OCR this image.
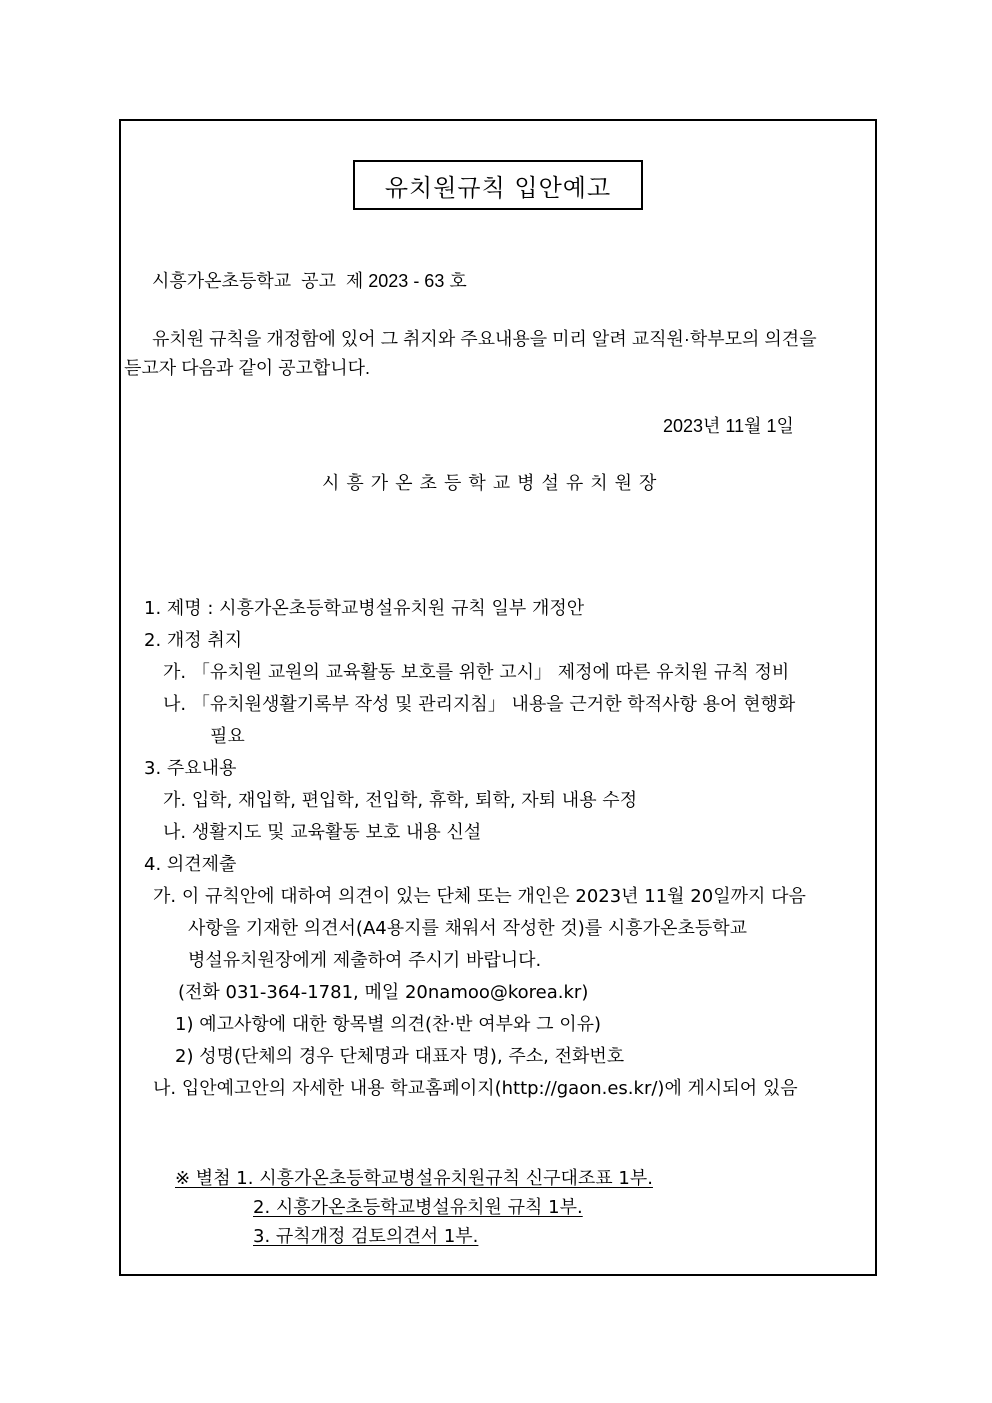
유치원규칙 입안예고
시흥가온초등학교  공고  제 2023 - 63 호
유치원 규칙을 개정함에 있어 그 취지와 주요내용을 미리 알려 교직원·학부모의 의견을
듣고자 다음과 같이 공고합니다.
2023년 11월 1일
시흥가온초등학교병설유치원장
1. 제명 : 시흥가온초등학교병설유치원 규칙 일부 개정안
2. 개정 취지
가. 「유치원 교원의 교육활동 보호를 위한 고시」 제정에 따른 유치원 규칙 정비
나. 「유치원생활기록부 작성 및 관리지침」 내용을 근거한 학적사항 용어 현행화
필요
3. 주요내용
가. 입학, 재입학, 편입학, 전입학, 휴학, 퇴학, 자퇴 내용 수정
나. 생활지도 및 교육활동 보호 내용 신설
4. 의견제출
가. 이 규칙안에 대하여 의견이 있는 단체 또는 개인은 2023년 11월 20일까지 다음
사항을 기재한 의견서(A4용지를 채워서 작성한 것)를 시흥가온초등학교
병설유치원장에게 제출하여 주시기 바랍니다.
(전화 031-364-1781, 메일 20namoo@korea.kr)
1) 예고사항에 대한 항목별 의견(찬·반 여부와 그 이유)
2) 성명(단체의 경우 단체명과 대표자 명), 주소, 전화번호
나. 입안예고안의 자세한 내용 학교홈페이지(http://gaon.es.kr/)에 게시되어 있음
※ 별첨 1. 시흥가온초등학교병설유치원규칙 신구대조표 1부.
2. 시흥가온초등학교병설유치원 규칙 1부.
3. 규칙개정 검토의견서 1부.
